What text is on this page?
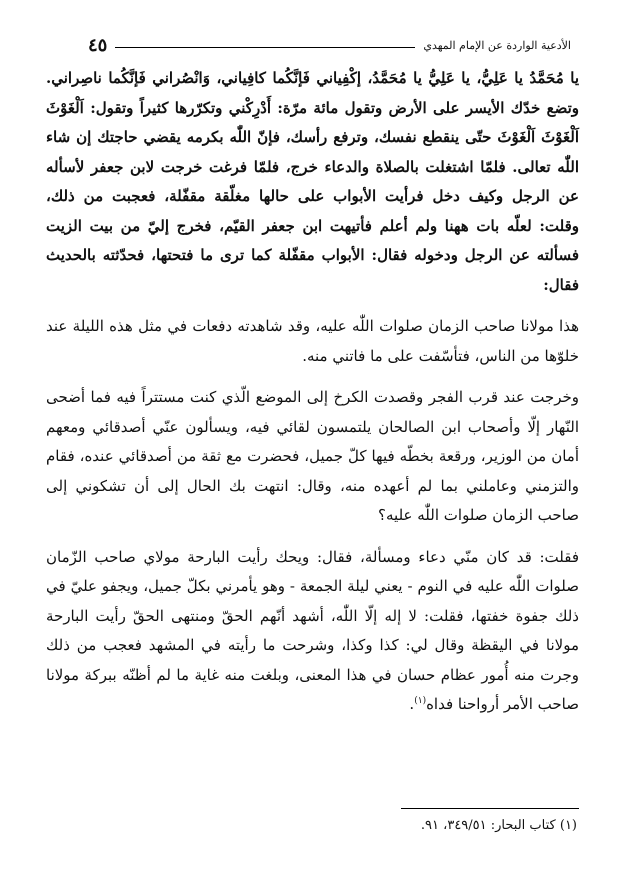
الأدعية الواردة عن الإمام المهدي
٤٥

يا مُحَمَّدُ يا عَلِيُّ، يا عَلِيُّ يا مُحَمَّدُ، إكْفِياني فَإنَّكُما كافِياني، وَانْصُراني فَإنَّكُما ناصِراني. وتضع خدّك الأيسر على الأرض وتقول مائة مرّة: أَدْرِكْني وتكرّرها كثيراً وتقول: اَلْغَوْثَ اَلْغَوْثَ اَلْغَوْثَ حتّى ينقطع نفسك، وترفع رأسك، فإنّ اللّٰه بكرمه يقضي حاجتك إن شاء اللّٰه تعالى. فلمّا اشتغلت بالصلاة والدعاء خرج، فلمّا فرغت خرجت لابن جعفر لأسأله عن الرجل وكيف دخل فرأيت الأبواب على حالها مغلّقة مقفّلة، فعجبت من ذلك، وقلت: لعلّه بات ههنا ولم أعلم فأتيهت ابن جعفر القيّم، فخرج إليّ من بيت الزيت فسألته عن الرجل ودخوله فقال: الأبواب مقفّلة كما ترى ما فتحتها، فحدّثته بالحديث فقال:

هذا مولانا صاحب الزمان صلوات اللّٰه عليه، وقد شاهدته دفعات في مثل هذه الليلة عند خلوّها من الناس، فتأسّفت على ما فاتني منه.

وخرجت عند قرب الفجر وقصدت الكرخ إلى الموضع الّذي كنت مستتراً فيه فما أضحى النّهار إلّا وأصحاب ابن الصالحان يلتمسون لقائي فيه، ويسألون عنّي أصدقائي ومعهم أمان من الوزير، ورقعة بخطّه فيها كلّ جميل، فحضرت مع ثقة من أصدقائي عنده، فقام والتزمني وعاملني بما لم أعهده منه، وقال: انتهت بك الحال إلى أن تشكوني إلى صاحب الزمان صلوات اللّٰه عليه؟

فقلت: قد كان منّي دعاء ومسألة، فقال: ويحك رأيت البارحة مولاي صاحب الزّمان صلوات اللّٰه عليه في النوم - يعني ليلة الجمعة - وهو يأمرني بكلّ جميل، ويجفو عليّ في ذلك جفوة خفتها، فقلت: لا إله إلّا اللّٰه، أشهد أنّهم الحقّ ومنتهى الحقّ رأيت البارحة مولانا في اليقظة وقال لي: كذا وكذا، وشرحت ما رأيته في المشهد فعجب من ذلك وجرت منه أُمور عظام حسان في هذا المعنى، وبلغت منه غاية ما لم أظنّه ببركة مولانا صاحب الأمر أرواحنا فداه$^{(١)}$.

(١) كتاب البحار: ٣٤٩/٥١، ٩١.
